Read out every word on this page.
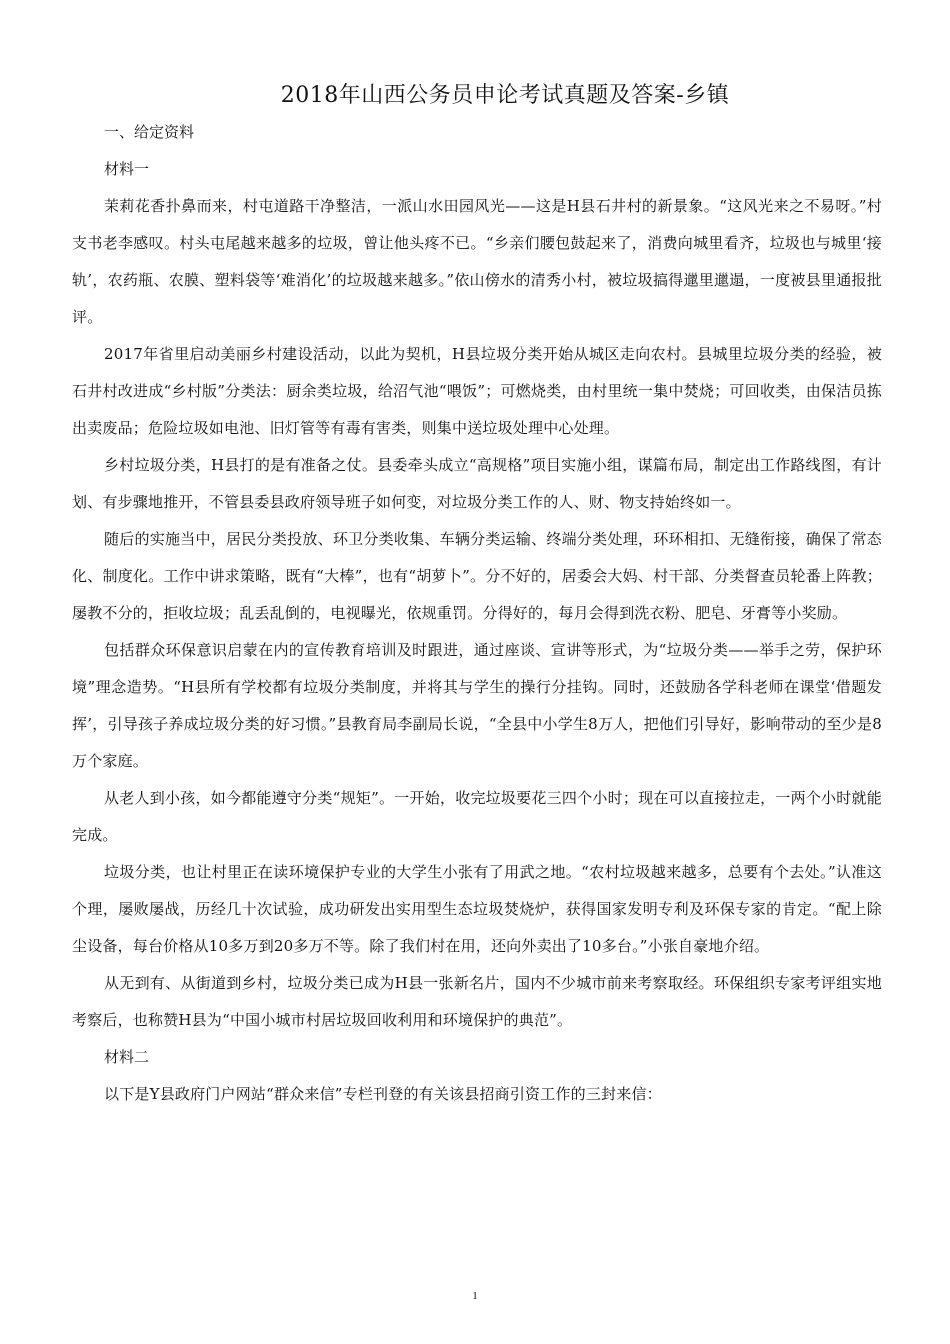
2018年山西公务员申论考试真题及答案-乡镇
一、给定资料
材料一

茉莉花香扑鼻而来，村屯道路干净整洁，一派山水田园风光——这是H县石井村的新景象。“这风光来之不易呀。”村支书老李感叹。村头屯尾越来越多的垃圾，曾让他头疼不已。“乡亲们腰包鼓起来了，消费向城里看齐，垃圾也与城里‘接轨’，农药瓶、农膜、塑料袋等‘难消化’的垃圾越来越多。”依山傍水的清秀小村，被垃圾搞得邋里邋遢，一度被县里通报批评。

2017年省里启动美丽乡村建设活动，以此为契机，H县垃圾分类开始从城区走向农村。县城里垃圾分类的经验，被石井村改进成“乡村版”分类法：厨余类垃圾，给沼气池“喂饭”；可燃烧类，由村里统一集中焚烧；可回收类，由保洁员拣出卖废品；危险垃圾如电池、旧灯管等有毒有害类，则集中送垃圾处理中心处理。

乡村垃圾分类，H县打的是有准备之仗。县委牵头成立“高规格”项目实施小组，谋篇布局，制定出工作路线图，有计划、有步骤地推开，不管县委县政府领导班子如何变，对垃圾分类工作的人、财、物支持始终如一。

随后的实施当中，居民分类投放、环卫分类收集、车辆分类运输、终端分类处理，环环相扣、无缝衔接，确保了常态化、制度化。工作中讲求策略，既有“大棒”，也有“胡萝卜”。分不好的，居委会大妈、村干部、分类督查员轮番上阵教；屡教不分的，拒收垃圾；乱丢乱倒的，电视曝光，依规重罚。分得好的，每月会得到洗衣粉、肥皂、牙膏等小奖励。

包括群众环保意识启蒙在内的宣传教育培训及时跟进，通过座谈、宣讲等形式，为“垃圾分类——举手之劳，保护环境”理念造势。“H县所有学校都有垃圾分类制度，并将其与学生的操行分挂钩。同时，还鼓励各学科老师在课堂‘借题发挥’，引导孩子养成垃圾分类的好习惯。”县教育局李副局长说，“全县中小学生8万人，把他们引导好，影响带动的至少是8万个家庭。

从老人到小孩，如今都能遵守分类“规矩”。一开始，收完垃圾要花三四个小时；现在可以直接拉走，一两个小时就能完成。

垃圾分类，也让村里正在读环境保护专业的大学生小张有了用武之地。“农村垃圾越来越多，总要有个去处。”认准这个理，屡败屡战，历经几十次试验，成功研发出实用型生态垃圾焚烧炉，获得国家发明专利及环保专家的肯定。“配上除尘设备，每台价格从10多万到20多万不等。除了我们村在用，还向外卖出了10多台。”小张自豪地介绍。

从无到有、从街道到乡村，垃圾分类已成为H县一张新名片，国内不少城市前来考察取经。环保组织专家考评组实地考察后，也称赞H县为“中国小城市村居垃圾回收利用和环境保护的典范”。

材料二

以下是Y县政府门户网站“群众来信”专栏刊登的有关该县招商引资工作的三封来信：

1
